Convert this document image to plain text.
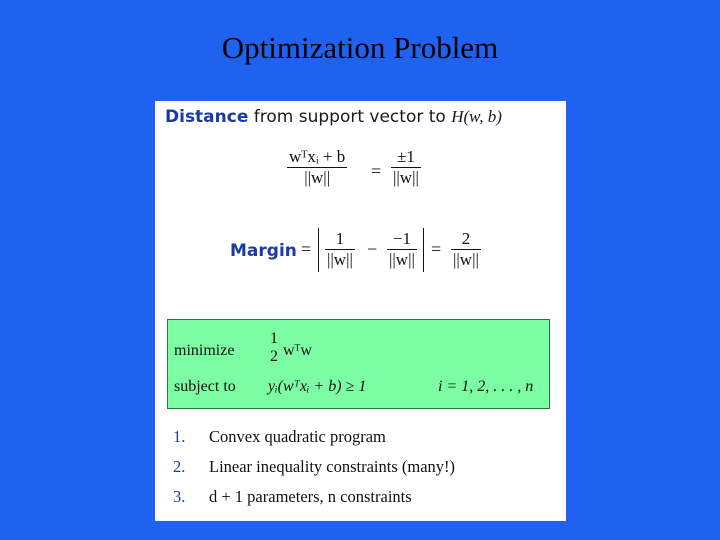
Optimization Problem
Distance from support vector to H(w, b)
wᵀxᵢ + b
||w|| =
±1
||w||
Margin =
1
||w||
−
−1
||w||
=
2
||w||
minimize
1
2 wᵀw
subject to yᵢ(wᵀxᵢ + b) ≥ 1	i = 1, 2, . . . , n
1. Convex quadratic program
2. Linear inequality constraints (many!)
3. d + 1 parameters, n constraints
